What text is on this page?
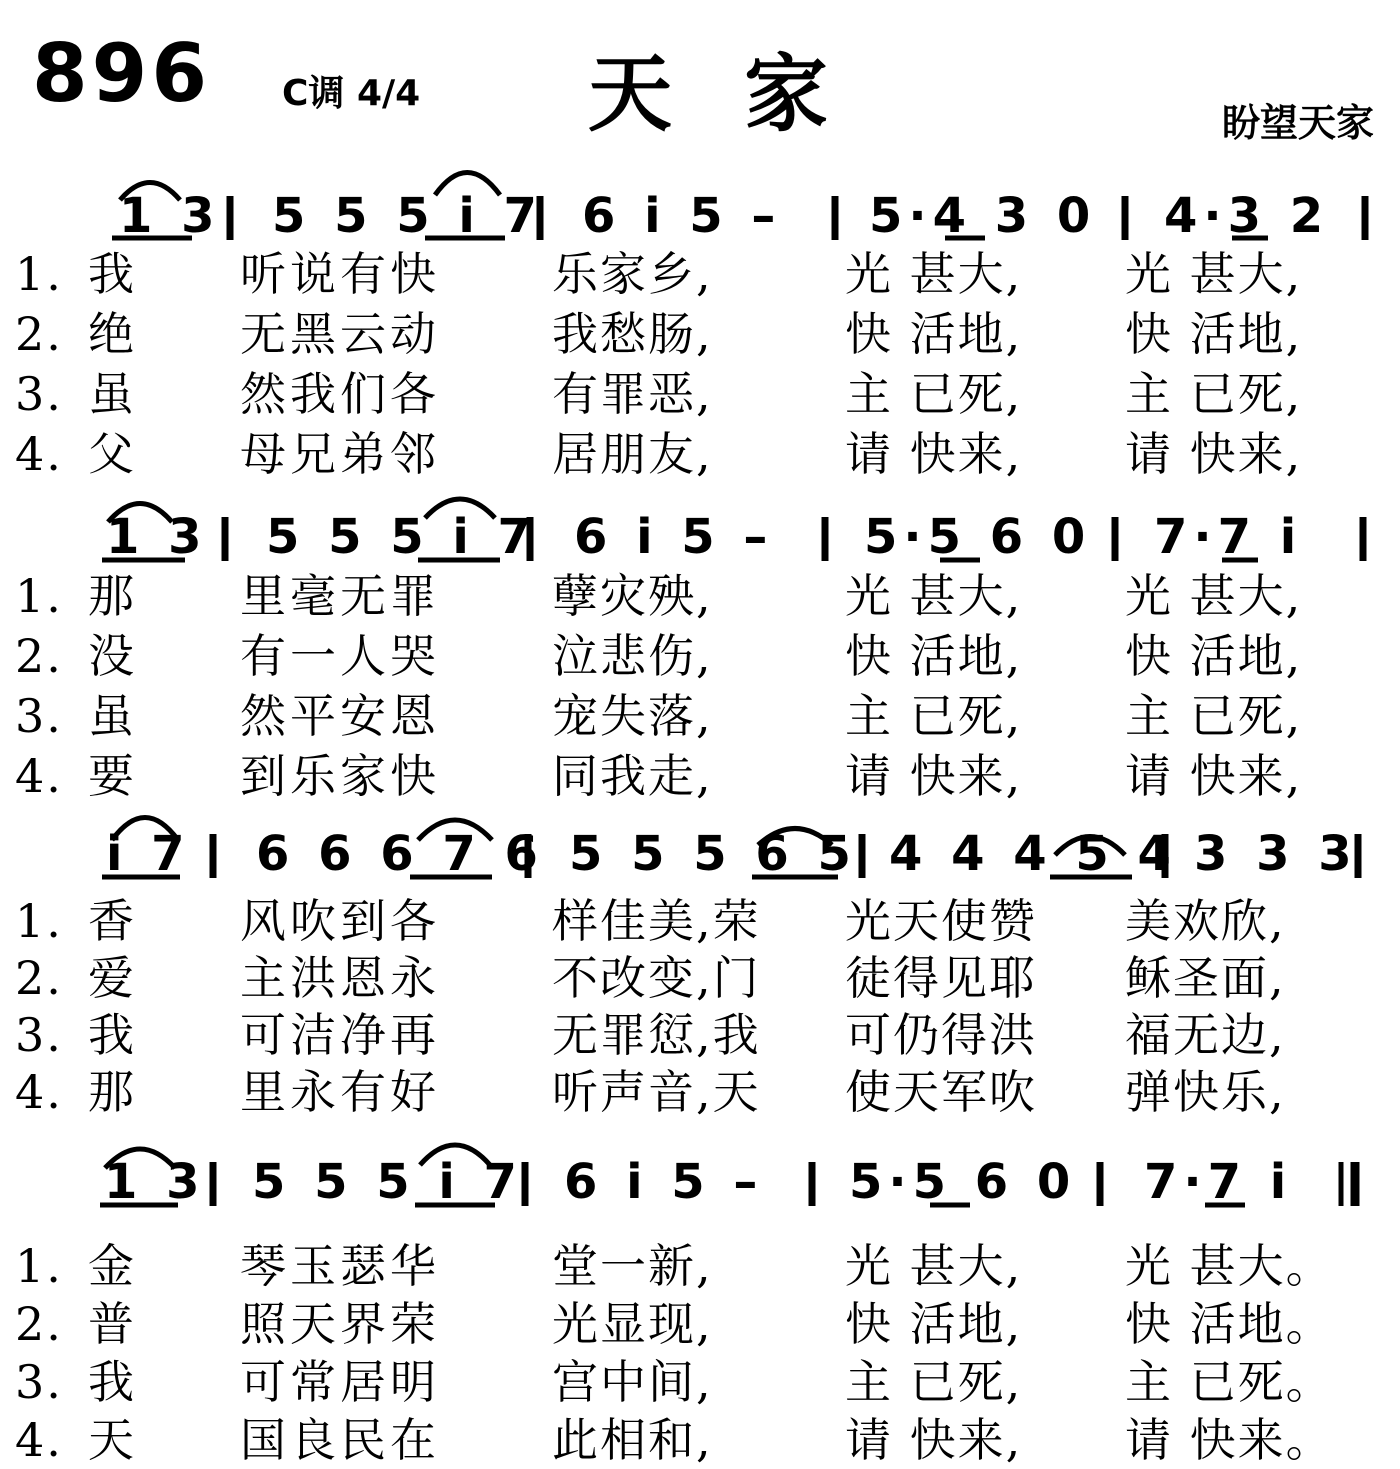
896 C调 4/4 天家	盼望天家
1 3 5 5 5 i 7 6 i 5 – 5·4 3 0 4·3 2
1. 我 听说有快 乐家乡,	光 甚大, 光 甚大,
2. 绝 无黑云动 我愁肠,	快 活地, 快 活地,
3. 虽 然我们各 有罪恶,	主 已死, 主 已死,
4. 父 母兄弟邻 居朋友,	请 快来, 请 快来,
1 3 5 5 5 i 7 6 i 5 – 5·5 6 0 7·7 i
1. 那 里毫无罪 孽灾殃,	光 甚大, 光 甚大,
2. 没 有一人哭 泣悲伤,	快 活地, 快 活地,
3. 虽 然平安恩 宠失落,	主 已死, 主 已死,
4. 要 到乐家快 同我走,	请 快来, 请 快来,
i 7 6 6 6 7 6 5 5 5 6 5 4 4 4 5 4 3 3 3
1. 香 风吹到各 样佳美,荣 光天使赞 美欢欣,
2. 爱 主洪恩永 不改变,门 徒得见耶 稣圣面,
3. 我 可洁净再 无罪愆,我 可仍得洪 福无边,
4. 那 里永有好 听声音,天 使天军吹 弹快乐,
1 3 5 5 5 i 7 6 i 5 – 5·5 6 0 7·7 i
1. 金 琴玉瑟华 堂一新,	光 甚大, 光 甚大。
2. 普 照天界荣 光显现,	快 活地, 快 活地。
3. 我 可常居明 宫中间,	主 已死, 主 已死。
4. 天 国良民在 此相和,	请 快来, 请 快来。
